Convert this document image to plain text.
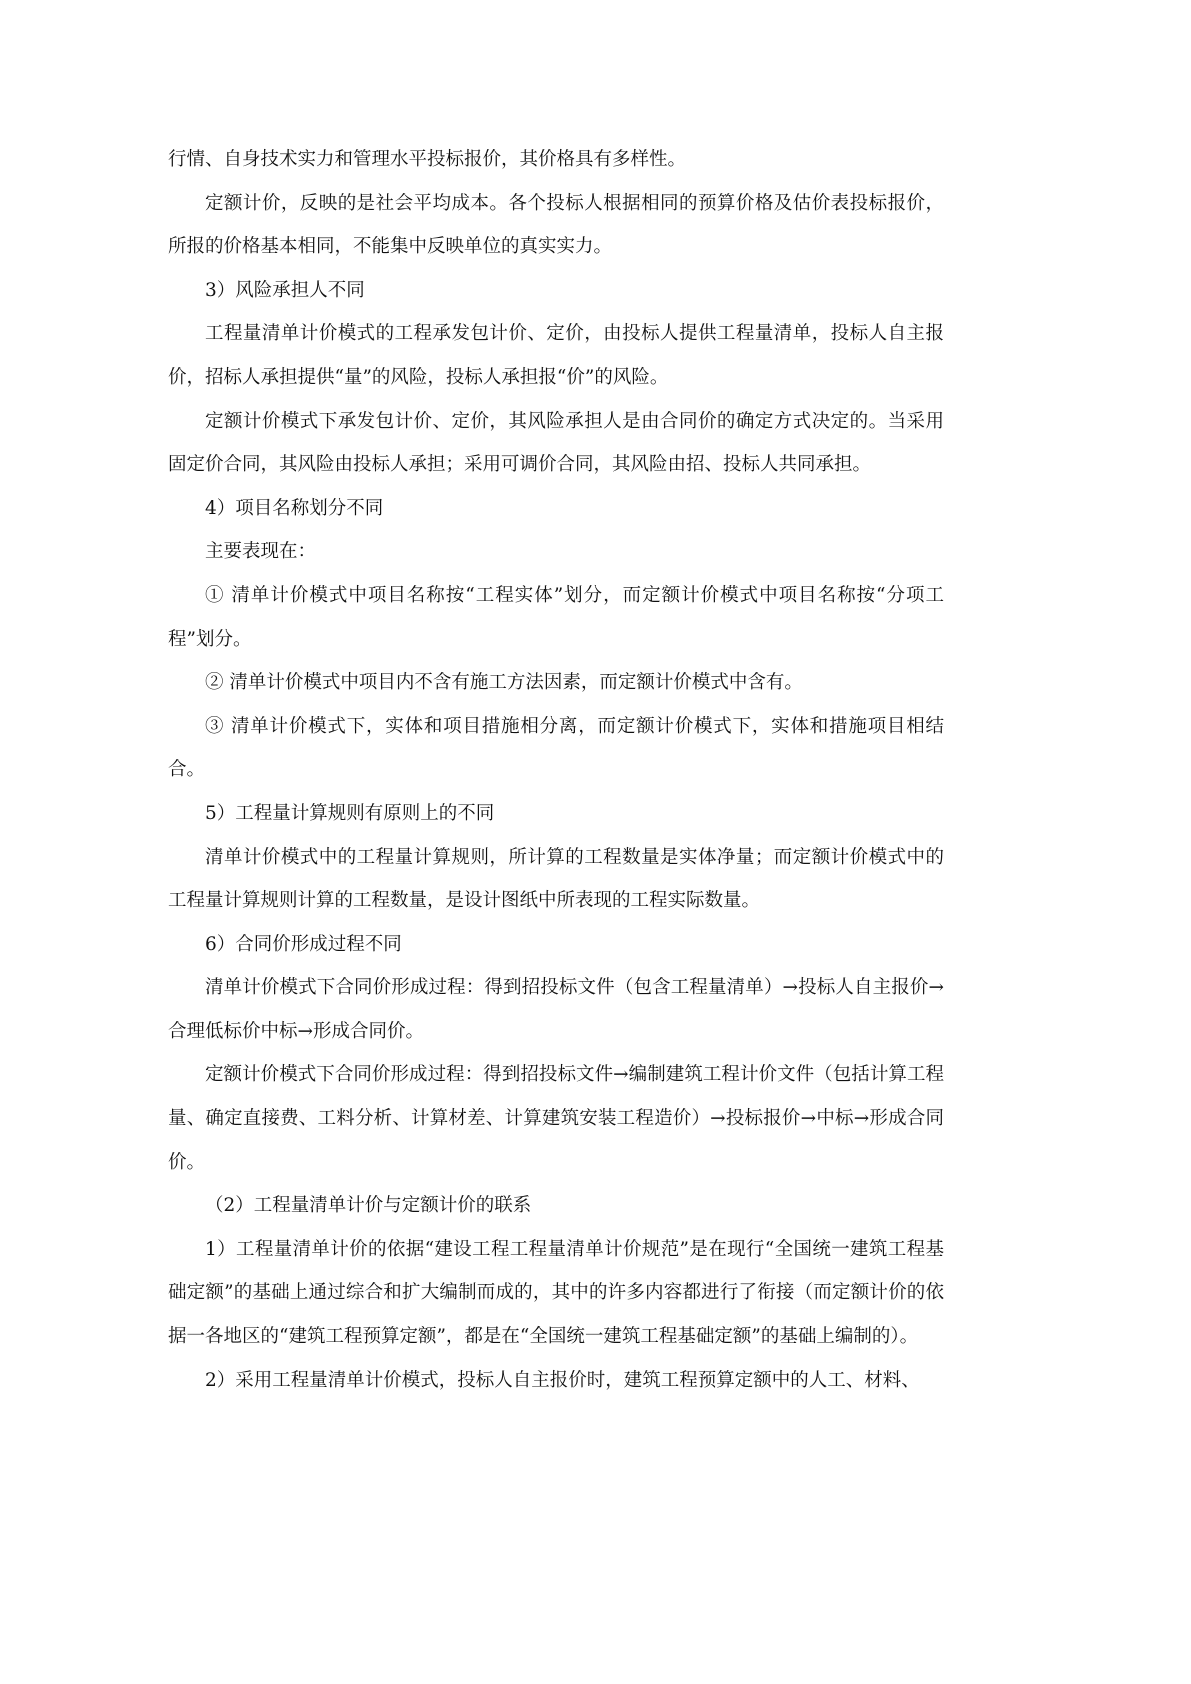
行情、自身技术实力和管理水平投标报价，其价格具有多样性。

定额计价，反映的是社会平均成本。各个投标人根据相同的预算价格及估价表投标报价，所报的价格基本相同，不能集中反映单位的真实实力。

3）风险承担人不同

工程量清单计价模式的工程承发包计价、定价，由投标人提供工程量清单，投标人自主报价，招标人承担提供“量”的风险，投标人承担报“价”的风险。

定额计价模式下承发包计价、定价，其风险承担人是由合同价的确定方式决定的。当采用固定价合同，其风险由投标人承担；采用可调价合同，其风险由招、投标人共同承担。

4）项目名称划分不同

主要表现在：

① 清单计价模式中项目名称按“工程实体”划分，而定额计价模式中项目名称按“分项工程”划分。

② 清单计价模式中项目内不含有施工方法因素，而定额计价模式中含有。

③ 清单计价模式下，实体和项目措施相分离，而定额计价模式下，实体和措施项目相结合。

5）工程量计算规则有原则上的不同

清单计价模式中的工程量计算规则，所计算的工程数量是实体净量；而定额计价模式中的工程量计算规则计算的工程数量，是设计图纸中所表现的工程实际数量。

6）合同价形成过程不同

清单计价模式下合同价形成过程：得到招投标文件（包含工程量清单）→投标人自主报价→合理低标价中标→形成合同价。

定额计价模式下合同价形成过程：得到招投标文件→编制建筑工程计价文件（包括计算工程量、确定直接费、工料分析、计算材差、计算建筑安装工程造价）→投标报价→中标→形成合同价。

（2）工程量清单计价与定额计价的联系

1）工程量清单计价的依据“建设工程工程量清单计价规范”是在现行“全国统一建筑工程基础定额”的基础上通过综合和扩大编制而成的，其中的许多内容都进行了衔接（而定额计价的依据一各地区的“建筑工程预算定额”，都是在“全国统一建筑工程基础定额”的基础上编制的）。

2）采用工程量清单计价模式，投标人自主报价时，建筑工程预算定额中的人工、材料、
